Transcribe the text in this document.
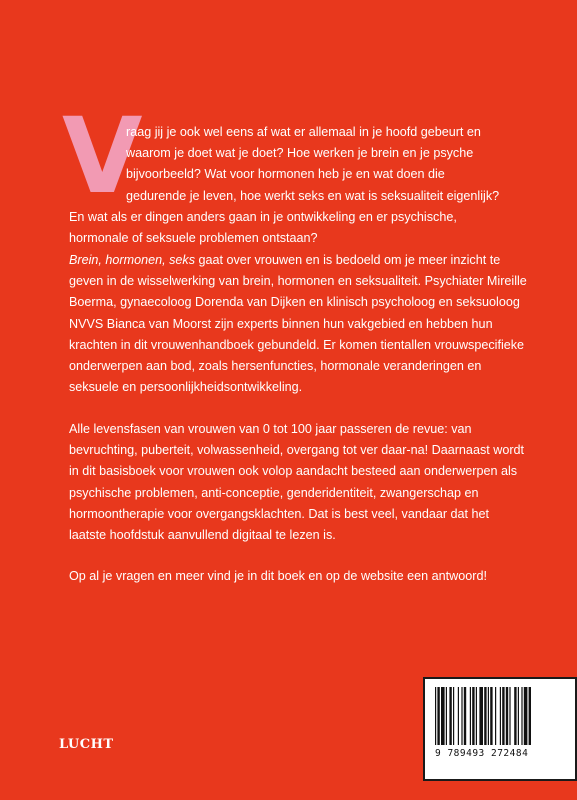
V

raag jij je ook wel eens af wat er allemaal in je hoofd gebeurt en
waarom je doet wat je doet? Hoe werken je brein en je psyche
bijvoorbeeld? Wat voor hormonen heb je en wat doen die
gedurende je leven, hoe werkt seks en wat is seksualiteit eigenlijk?
En wat als er dingen anders gaan in je ontwikkeling en er psychische,
hormonale of seksuele problemen ontstaan?

Brein, hormonen, seks gaat over vrouwen en is bedoeld om je meer inzicht te geven in de wisselwerking van brein, hormonen en seksualiteit. Psychiater Mireille Boerma, gynaecoloog Dorenda van Dijken en klinisch psycholoog en seksuoloog NVVS Bianca van Moorst zijn experts binnen hun vakgebied en hebben hun krachten in dit vrouwenhandboek gebundeld. Er komen tientallen vrouwspecifieke onderwerpen aan bod, zoals hersenfuncties, hormonale veranderingen en seksuele en persoonlijkheidsontwikkeling.

Alle levensfasen van vrouwen van 0 tot 100 jaar passeren de revue: van bevruchting, puberteit, volwassenheid, overgang tot ver daar-na! Daarnaast wordt in dit basisboek voor vrouwen ook volop aandacht besteed aan onderwerpen als psychische problemen, anti-conceptie, genderidentiteit, zwangerschap en hormoontherapie voor overgangsklachten. Dat is best veel, vandaar dat het laatste hoofdstuk aanvullend digitaal te lezen is.

Op al je vragen en meer vind je in dit boek en op de website een antwoord!

LUCHT
9 789493 272484
